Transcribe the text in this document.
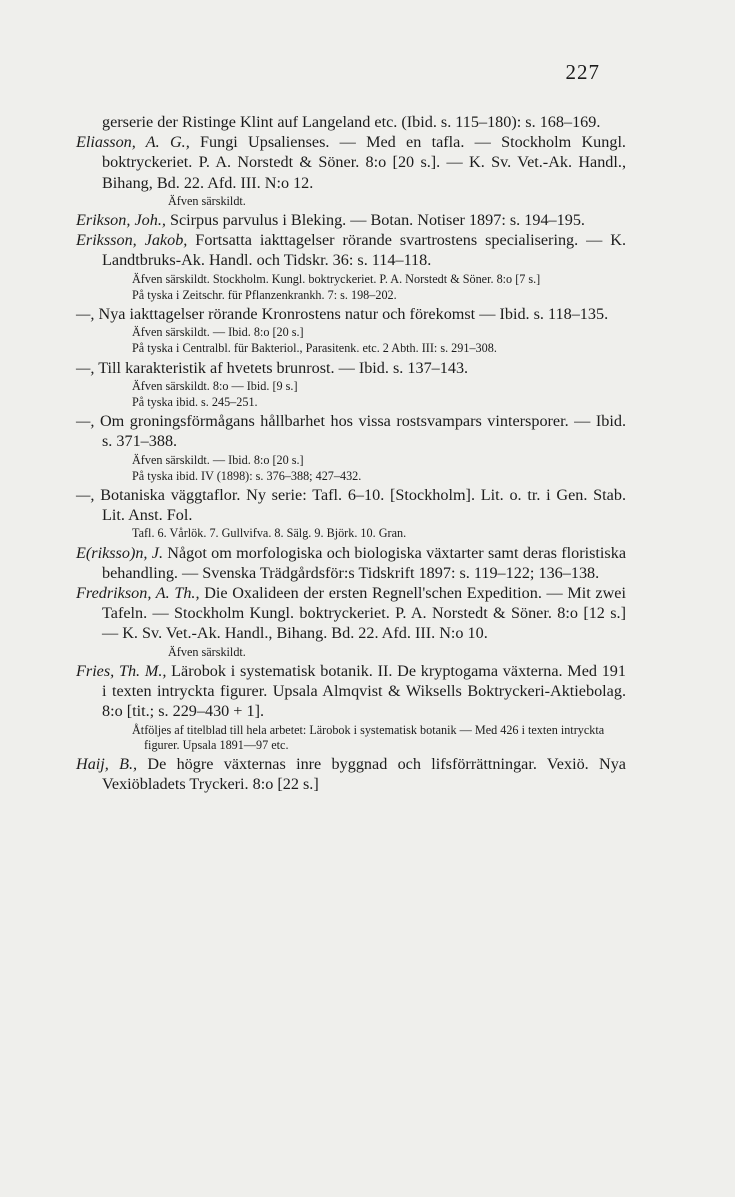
227

gerserie der Ristinge Klint auf Langeland etc. (Ibid. s. 115–180): s. 168–169.

Eliasson, A. G., Fungi Upsalienses. — Med en tafla. — Stockholm Kungl. boktryckeriet. P. A. Norstedt & Söner. 8:o [20 s.]. — K. Sv. Vet.-Ak. Handl., Bihang, Bd. 22. Afd. III. N:o 12.

Äfven särskildt.

Erikson, Joh., Scirpus parvulus i Bleking. — Botan. Notiser 1897: s. 194–195.

Eriksson, Jakob, Fortsatta iakttagelser rörande svartrostens specialisering. — K. Landtbruks-Ak. Handl. och Tidskr. 36: s. 114–118.

Äfven särskildt. Stockholm. Kungl. boktryckeriet. P. A. Norstedt & Söner. 8:o [7 s.]

På tyska i Zeitschr. für Pflanzenkrankh. 7: s. 198–202.

—, Nya iakttagelser rörande Kronrostens natur och förekomst — Ibid. s. 118–135.

Äfven särskildt. — Ibid. 8:o [20 s.]

På tyska i Centralbl. für Bakteriol., Parasitenk. etc. 2 Abth. III: s. 291–308.

—, Till karakteristik af hvetets brunrost. — Ibid. s. 137–143.

Äfven särskildt. 8:o — Ibid. [9 s.]

På tyska ibid. s. 245–251.

—, Om groningsförmågans hållbarhet hos vissa rostsvampars vintersporer. — Ibid. s. 371–388.

Äfven särskildt. — Ibid. 8:o [20 s.]

På tyska ibid. IV (1898): s. 376–388; 427–432.

—, Botaniska väggtaflor. Ny serie: Tafl. 6–10. [Stockholm]. Lit. o. tr. i Gen. Stab. Lit. Anst. Fol.

Tafl. 6. Vårlök. 7. Gullvifva. 8. Sälg. 9. Björk. 10. Gran.

E(riksso)n, J. Något om morfologiska och biologiska växtarter samt deras floristiska behandling. — Svenska Trädgårdsför:s Tidskrift 1897: s. 119–122; 136–138.

Fredrikson, A. Th., Die Oxalideen der ersten Regnell'schen Expedition. — Mit zwei Tafeln. — Stockholm Kungl. boktryckeriet. P. A. Norstedt & Söner. 8:o [12 s.] — K. Sv. Vet.-Ak. Handl., Bihang. Bd. 22. Afd. III. N:o 10.

Äfven särskildt.

Fries, Th. M., Lärobok i systematisk botanik. II. De kryptogama växterna. Med 191 i texten intryckta figurer. Upsala Almqvist & Wiksells Boktryckeri-Aktiebolag. 8:o [tit.; s. 229–430 + 1].

Åtföljes af titelblad till hela arbetet: Lärobok i systematisk botanik — Med 426 i texten intryckta figurer. Upsala 1891—97 etc.

Haij, B., De högre växternas inre byggnad och lifsförrättningar. Vexiö. Nya Vexiöbladets Tryckeri. 8:o [22 s.]
